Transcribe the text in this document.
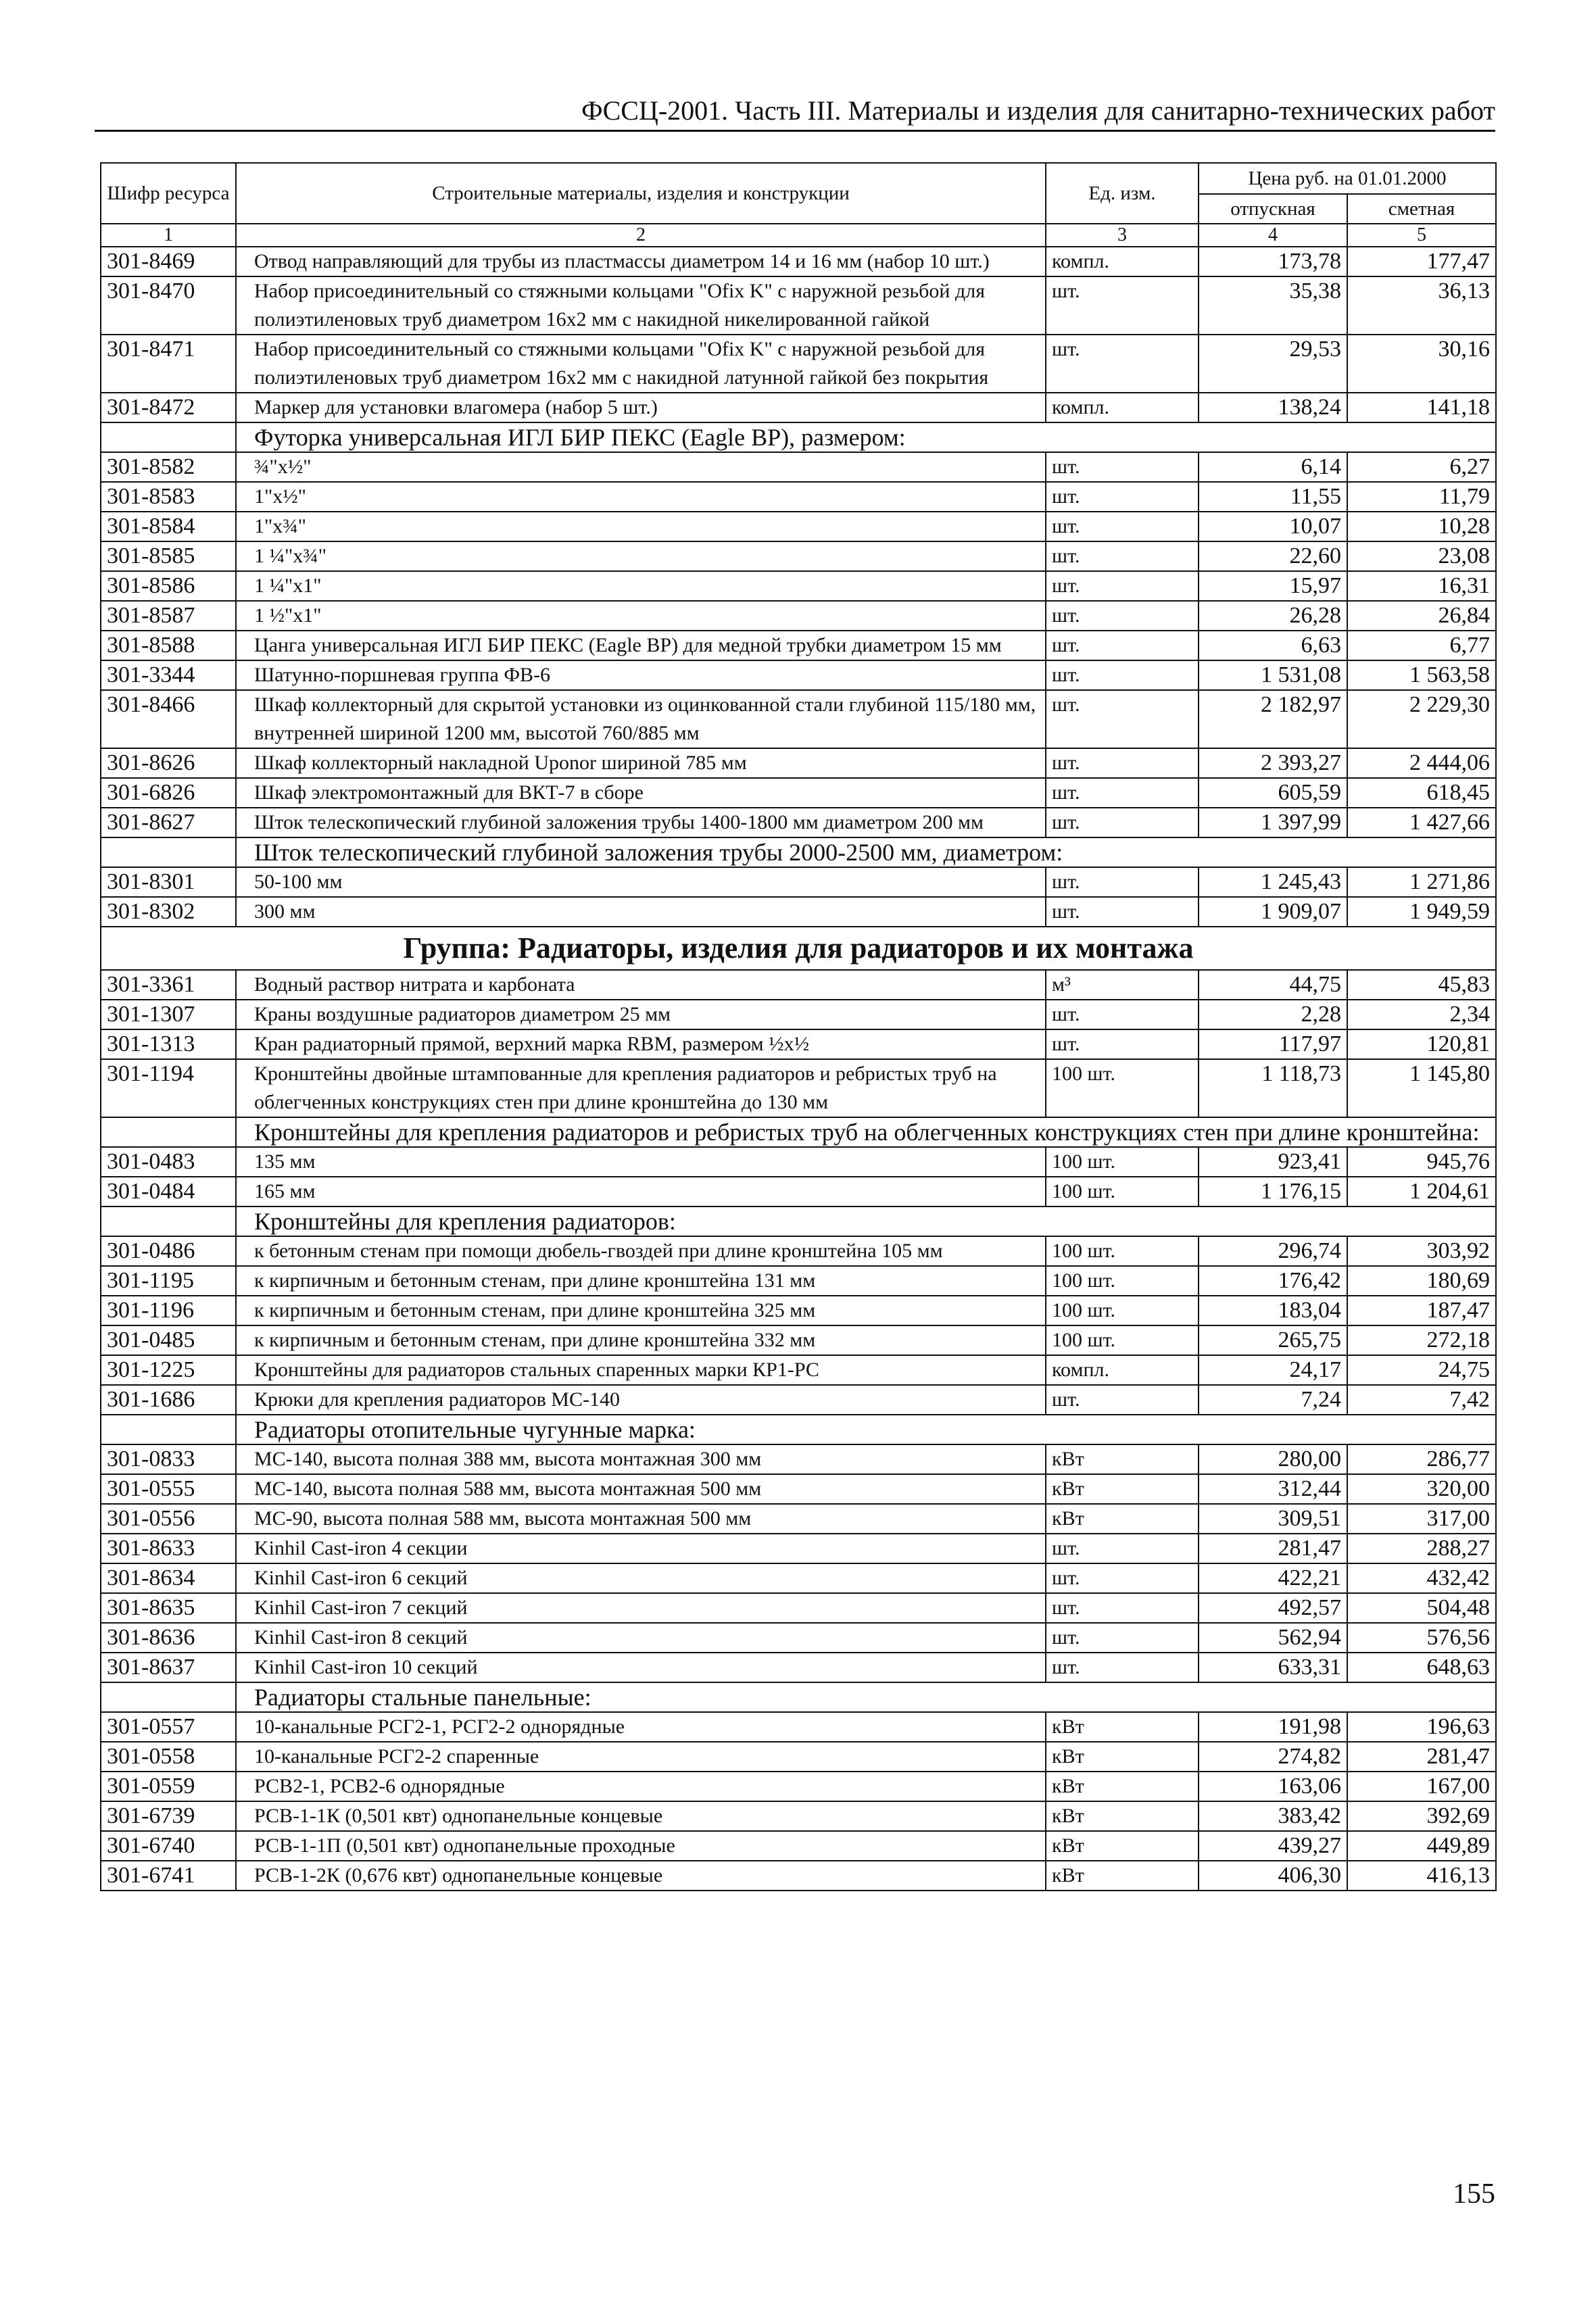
ФССЦ-2001. Часть III. Материалы и изделия для санитарно-технических работ
Шифр ресурса	Строительные материалы, изделия и конструкции	Ед. изм.	Цена руб. на 01.01.2000	
			отпускная	сметная
1	2	3	4	5
301-8469	Отвод направляющий для трубы из пластмассы диаметром 14 и 16 мм (набор 10 шт.)	компл.	173,78	177,47
301-8470	Набор присоединительный со стяжными кольцами "Ofix K" с наружной резьбой для полиэтиленовых труб диаметром 16х2 мм с накидной никелированной гайкой	шт.	35,38	36,13
301-8471	Набор присоединительный со стяжными кольцами "Ofix K" с наружной резьбой для полиэтиленовых труб диаметром 16х2 мм с накидной латунной гайкой без покрытия	шт.	29,53	30,16
301-8472	Маркер для установки влагомера (набор 5 шт.)	компл.	138,24	141,18
	Футорка универсальная ИГЛ БИР ПЕКС (Eagle BP), размером:			
301-8582	¾"x½"	шт.	6,14	6,27
301-8583	1"x½"	шт.	11,55	11,79
301-8584	1"x¾"	шт.	10,07	10,28
301-8585	1 ¼"x¾"	шт.	22,60	23,08
301-8586	1 ¼"x1"	шт.	15,97	16,31
301-8587	1 ½"x1"	шт.	26,28	26,84
301-8588	Цанга универсальная ИГЛ БИР ПЕКС (Eagle BP) для медной трубки диаметром 15 мм	шт.	6,63	6,77
301-3344	Шатунно-поршневая группа ФВ-6	шт.	1 531,08	1 563,58
301-8466	Шкаф коллекторный для скрытой установки из оцинкованной стали глубиной 115/180 мм, внутренней шириной 1200 мм, высотой 760/885 мм	шт.	2 182,97	2 229,30
301-8626	Шкаф коллекторный накладной Uponor шириной 785 мм	шт.	2 393,27	2 444,06
301-6826	Шкаф электромонтажный для ВКТ-7 в сборе	шт.	605,59	618,45
301-8627	Шток телескопический глубиной заложения трубы 1400-1800 мм диаметром 200 мм	шт.	1 397,99	1 427,66
	Шток телескопический глубиной заложения трубы 2000-2500 мм, диаметром:			
301-8301	50-100 мм	шт.	1 245,43	1 271,86
301-8302	300 мм	шт.	1 909,07	1 949,59
Группа: Радиаторы, изделия для радиаторов и их монтажа				
301-3361	Водный раствор нитрата и карбоната	м³	44,75	45,83
301-1307	Краны воздушные радиаторов диаметром 25 мм	шт.	2,28	2,34
301-1313	Кран радиаторный прямой, верхний марка RBM, размером ½x½	шт.	117,97	120,81
301-1194	Кронштейны двойные штампованные для крепления радиаторов и ребристых труб на облегченных конструкциях стен при длине кронштейна до 130 мм	100 шт.	1 118,73	1 145,80
	Кронштейны для крепления радиаторов и ребристых труб на облегченных конструкциях стен при длине кронштейна:			
301-0483	135 мм	100 шт.	923,41	945,76
301-0484	165 мм	100 шт.	1 176,15	1 204,61
	Кронштейны для крепления радиаторов:			
301-0486	к бетонным стенам при помощи дюбель-гвоздей при длине кронштейна 105 мм	100 шт.	296,74	303,92
301-1195	к кирпичным и бетонным стенам, при длине кронштейна 131 мм	100 шт.	176,42	180,69
301-1196	к кирпичным и бетонным стенам, при длине кронштейна 325 мм	100 шт.	183,04	187,47
301-0485	к кирпичным и бетонным стенам, при длине кронштейна 332 мм	100 шт.	265,75	272,18
301-1225	Кронштейны для радиаторов стальных спаренных марки КР1-РС	компл.	24,17	24,75
301-1686	Крюки для крепления радиаторов МС-140	шт.	7,24	7,42
	Радиаторы отопительные чугунные марка:			
301-0833	МС-140, высота полная 388 мм, высота монтажная 300 мм	кВт	280,00	286,77
301-0555	МС-140, высота полная 588 мм, высота монтажная 500 мм	кВт	312,44	320,00
301-0556	МС-90, высота полная 588 мм, высота монтажная 500 мм	кВт	309,51	317,00
301-8633	Kinhil Cast-iron 4 секции	шт.	281,47	288,27
301-8634	Kinhil Cast-iron 6 секций	шт.	422,21	432,42
301-8635	Kinhil Cast-iron 7 секций	шт.	492,57	504,48
301-8636	Kinhil Cast-iron 8 секций	шт.	562,94	576,56
301-8637	Kinhil Cast-iron 10 секций	шт.	633,31	648,63
	Радиаторы стальные панельные:			
301-0557	10-канальные РСГ2-1, РСГ2-2 однорядные	кВт	191,98	196,63
301-0558	10-канальные РСГ2-2 спаренные	кВт	274,82	281,47
301-0559	РСВ2-1, РСВ2-6 однорядные	кВт	163,06	167,00
301-6739	РСВ-1-1К (0,501 квт) однопанельные концевые	кВт	383,42	392,69
301-6740	РСВ-1-1П (0,501 квт) однопанельные проходные	кВт	439,27	449,89
301-6741	РСВ-1-2К (0,676 квт) однопанельные концевые	кВт	406,30	416,13
155
